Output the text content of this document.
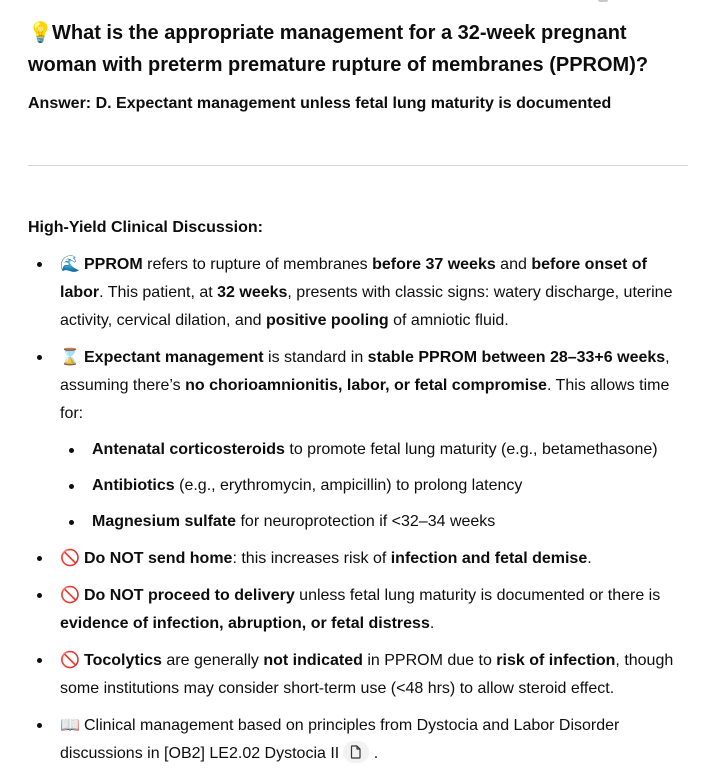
💡What is the appropriate management for a 32-week pregnant woman with preterm premature rupture of membranes (PPROM)?
Answer: D. Expectant management unless fetal lung maturity is documented
High-Yield Clinical Discussion:
🌊 PPROM refers to rupture of membranes before 37 weeks and before onset of labor. This patient, at 32 weeks, presents with classic signs: watery discharge, uterine activity, cervical dilation, and positive pooling of amniotic fluid.
⌛ Expectant management is standard in stable PPROM between 28–33+6 weeks, assuming there’s no chorioamnionitis, labor, or fetal compromise. This allows time for:
Antenatal corticosteroids to promote fetal lung maturity (e.g., betamethasone)
Antibiotics (e.g., erythromycin, ampicillin) to prolong latency
Magnesium sulfate for neuroprotection if <32–34 weeks
🚫 Do NOT send home: this increases risk of infection and fetal demise.
🚫 Do NOT proceed to delivery unless fetal lung maturity is documented or there is evidence of infection, abruption, or fetal distress.
🚫 Tocolytics are generally not indicated in PPROM due to risk of infection, though some institutions may consider short-term use (<48 hrs) to allow steroid effect.
📖 Clinical management based on principles from Dystocia and Labor Disorder discussions in [OB2] LE2.02 Dystocia II
.
